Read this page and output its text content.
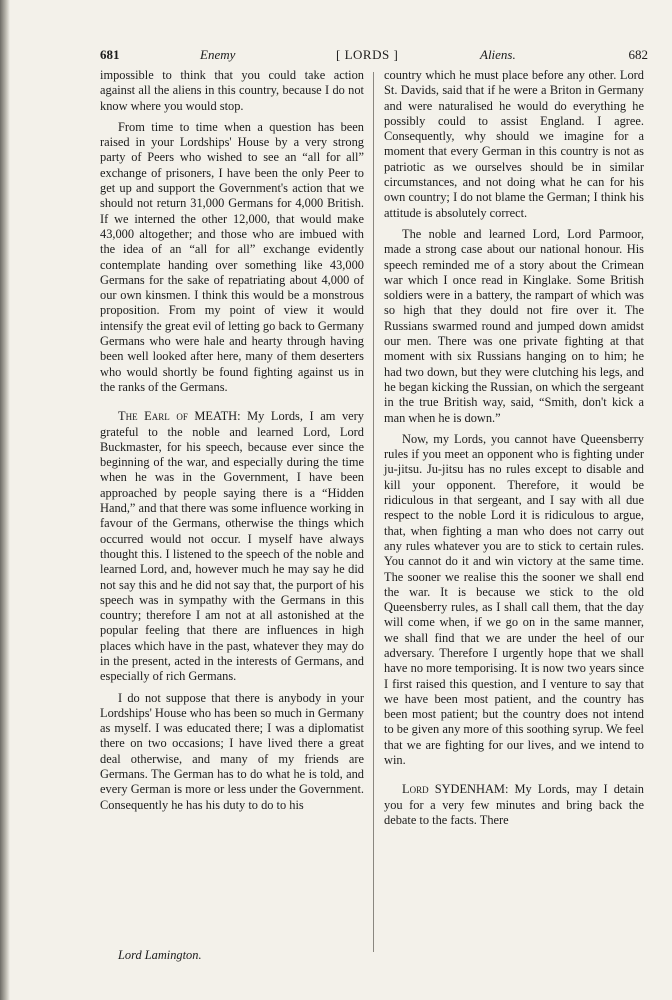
681	Enemy	[ LORDS ]	Aliens.	682

impossible to think that you could take action against all the aliens in this country, because I do not know where you would stop.

From time to time when a question has been raised in your Lordships' House by a very strong party of Peers who wished to see an “all for all” exchange of prisoners, I have been the only Peer to get up and support the Government's action that we should not return 31,000 Germans for 4,000 British. If we interned the other 12,000, that would make 43,000 altogether; and those who are imbued with the idea of an “all for all” exchange evidently contemplate handing over something like 43,000 Germans for the sake of repatriating about 4,000 of our own kinsmen. I think this would be a monstrous proposition. From my point of view it would intensify the great evil of letting go back to Germany Germans who were hale and hearty through having been well looked after here, many of them deserters who would shortly be found fighting against us in the ranks of the Germans.

The Earl of MEATH: My Lords, I am very grateful to the noble and learned Lord, Lord Buckmaster, for his speech, because ever since the beginning of the war, and especially during the time when he was in the Government, I have been approached by people saying there is a “Hidden Hand,” and that there was some influence working in favour of the Germans, otherwise the things which occurred would not occur. I myself have always thought this. I listened to the speech of the noble and learned Lord, and, however much he may say he did not say this and he did not say that, the purport of his speech was in sympathy with the Germans in this country; therefore I am not at all astonished at the popular feeling that there are influences in high places which have in the past, whatever they may do in the present, acted in the interests of Germans, and especially of rich Germans.

I do not suppose that there is anybody in your Lordships' House who has been so much in Germany as myself. I was educated there; I was a diplomatist there on two occasions; I have lived there a great deal otherwise, and many of my friends are Germans. The German has to do what he is told, and every German is more or less under the Government. Consequently he has his duty to do to his

country which he must place before any other. Lord St. Davids, said that if he were a Briton in Germany and were naturalised he would do everything he possibly could to assist England. I agree. Consequently, why should we imagine for a moment that every German in this country is not as patriotic as we ourselves should be in similar circumstances, and not doing what he can for his own country; I do not blame the German; I think his attitude is absolutely correct.

The noble and learned Lord, Lord Parmoor, made a strong case about our national honour. His speech reminded me of a story about the Crimean war which I once read in Kinglake. Some British soldiers were in a battery, the rampart of which was so high that they dould not fire over it. The Russians swarmed round and jumped down amidst our men. There was one private fighting at that moment with six Russians hanging on to him; he had two down, but they were clutching his legs, and he began kicking the Russian, on which the sergeant in the true British way, said, “Smith, don't kick a man when he is down.”

Now, my Lords, you cannot have Queensberry rules if you meet an opponent who is fighting under ju-jitsu. Ju-jitsu has no rules except to disable and kill your opponent. Therefore, it would be ridiculous in that sergeant, and I say with all due respect to the noble Lord it is ridiculous to argue, that, when fighting a man who does not carry out any rules whatever you are to stick to certain rules. You cannot do it and win victory at the same time. The sooner we realise this the sooner we shall end the war. It is because we stick to the old Queensberry rules, as I shall call them, that the day will come when, if we go on in the same manner, we shall find that we are under the heel of our adversary. Therefore I urgently hope that we shall have no more temporising. It is now two years since I first raised this question, and I venture to say that we have been most patient, and the country has been most patient; but the country does not intend to be given any more of this soothing syrup. We feel that we are fighting for our lives, and we intend to win.

Lord SYDENHAM: My Lords, may I detain you for a very few minutes and bring back the debate to the facts. There

Lord Lamington.
